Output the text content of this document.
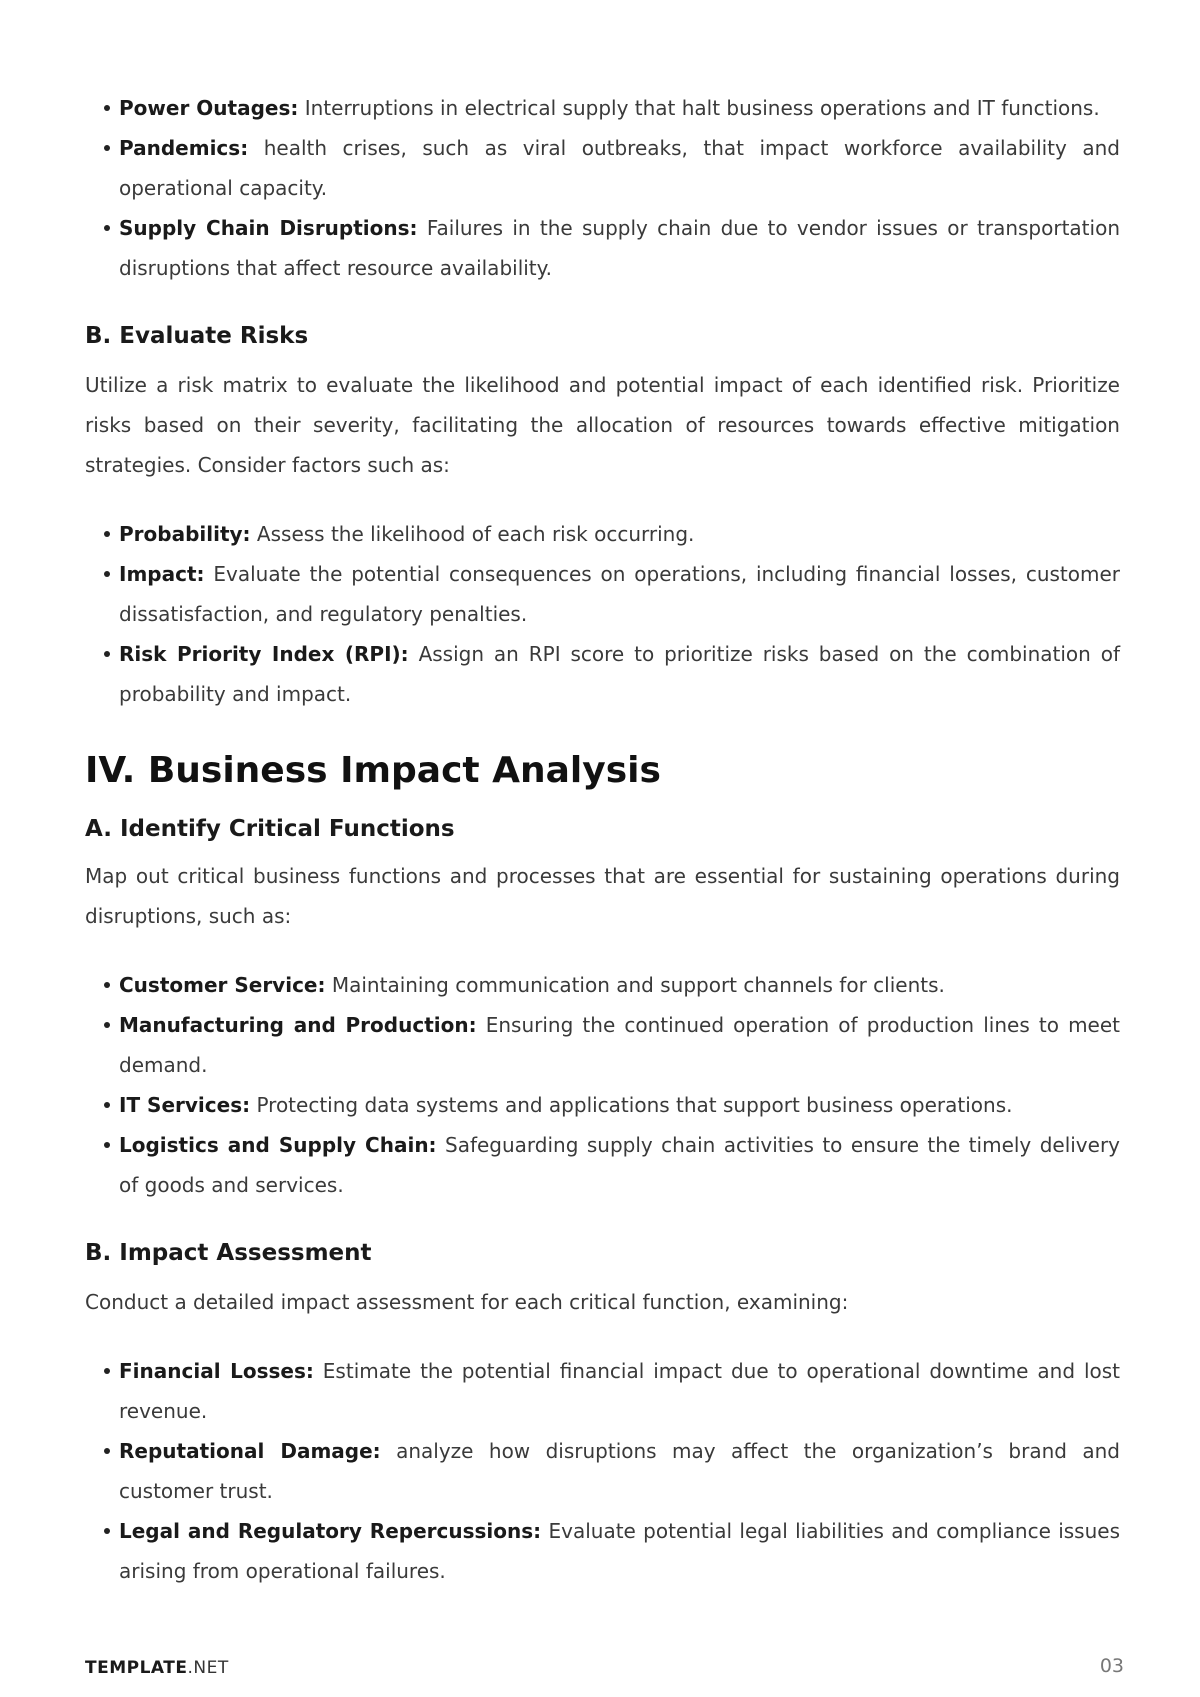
Power Outages: Interruptions in electrical supply that halt business operations and IT functions.
Pandemics: health crises, such as viral outbreaks, that impact workforce availability and operational capacity.
Supply Chain Disruptions: Failures in the supply chain due to vendor issues or transportation disruptions that affect resource availability.
B. Evaluate Risks

Utilize a risk matrix to evaluate the likelihood and potential impact of each identified risk. Prioritize risks based on their severity, facilitating the allocation of resources towards effective mitigation strategies. Consider factors such as:

Probability: Assess the likelihood of each risk occurring.
Impact: Evaluate the potential consequences on operations, including financial losses, customer dissatisfaction, and regulatory penalties.
Risk Priority Index (RPI): Assign an RPI score to prioritize risks based on the combination of probability and impact.
IV. Business Impact Analysis
A. Identify Critical Functions

Map out critical business functions and processes that are essential for sustaining operations during disruptions, such as:

Customer Service: Maintaining communication and support channels for clients.
Manufacturing and Production: Ensuring the continued operation of production lines to meet demand.
IT Services: Protecting data systems and applications that support business operations.
Logistics and Supply Chain: Safeguarding supply chain activities to ensure the timely delivery of goods and services.
B. Impact Assessment

Conduct a detailed impact assessment for each critical function, examining:

Financial Losses: Estimate the potential financial impact due to operational downtime and lost revenue.
Reputational Damage: analyze how disruptions may affect the organization’s brand and customer trust.
Legal and Regulatory Repercussions: Evaluate potential legal liabilities and compliance issues arising from operational failures.
TEMPLATE.NET	03
